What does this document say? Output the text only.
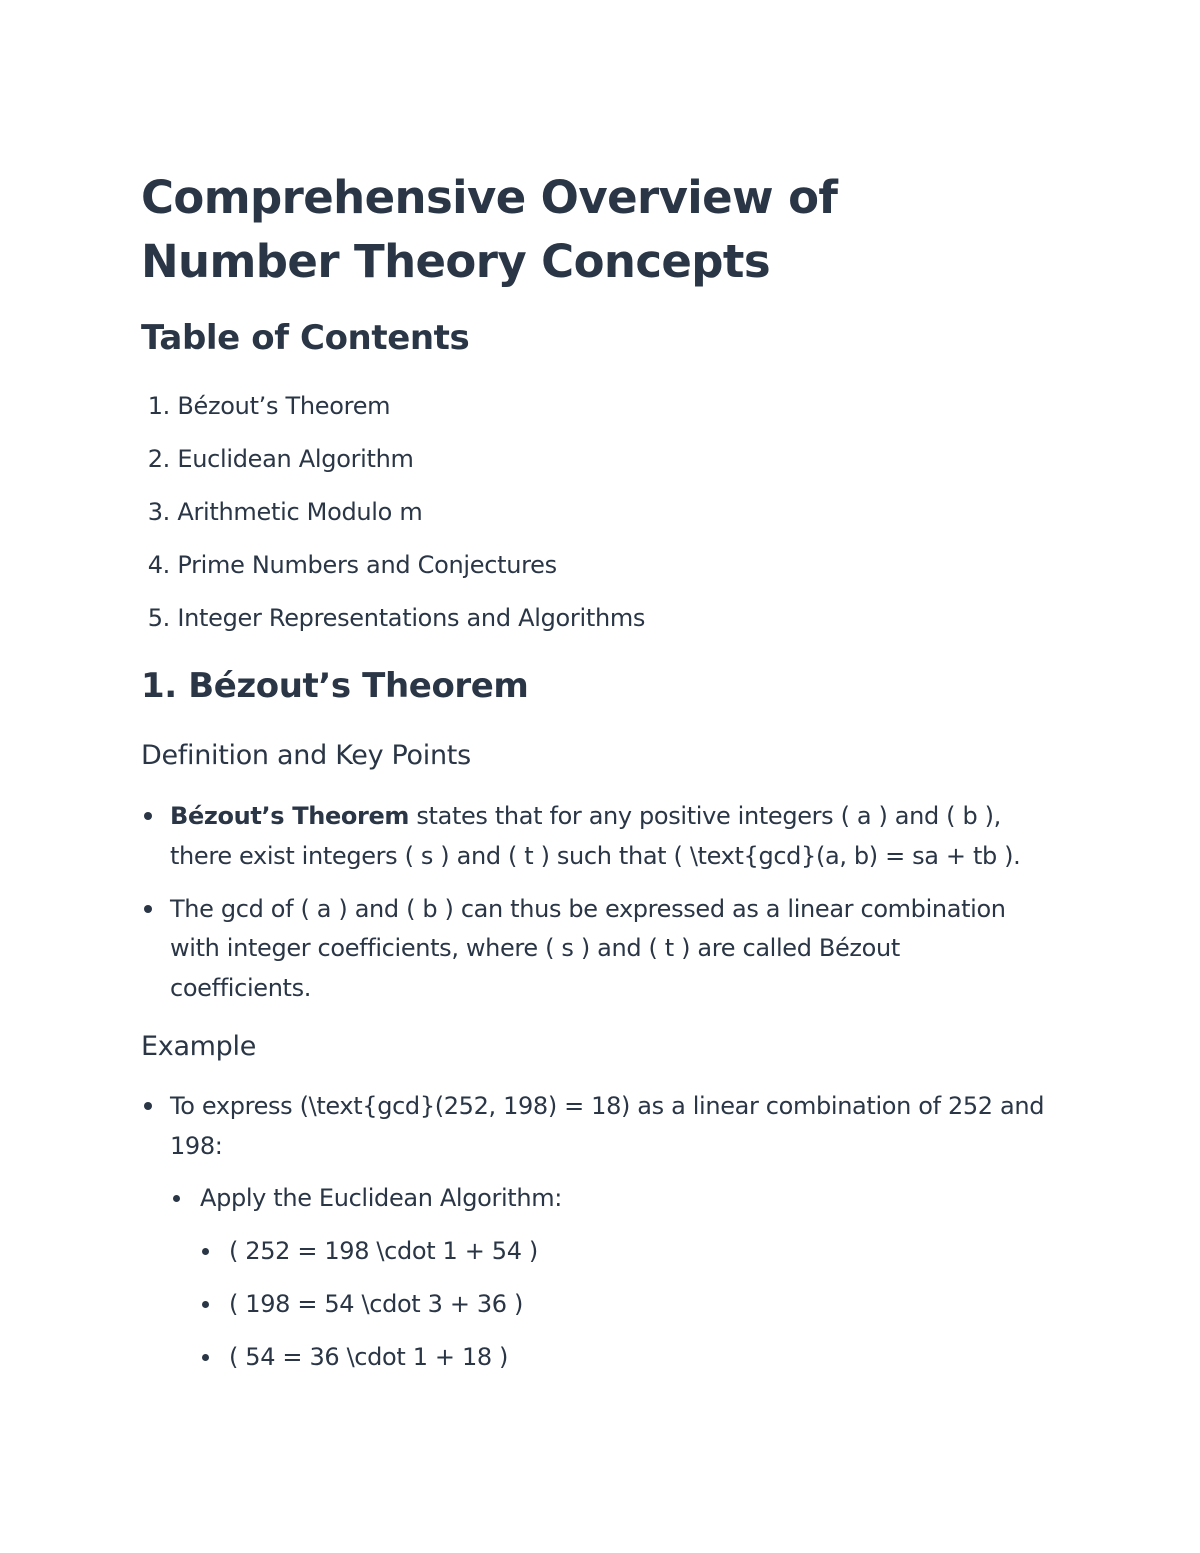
Comprehensive Overview of Number Theory Concepts
Table of Contents
1. Bézout’s Theorem
2. Euclidean Algorithm
3. Arithmetic Modulo m
4. Prime Numbers and Conjectures
5. Integer Representations and Algorithms
1. Bézout’s Theorem
Definition and Key Points
Bézout’s Theorem states that for any positive integers ( a ) and ( b ),
there exist integers ( s ) and ( t ) such that ( \text{gcd}(a, b) = sa + tb ).
The gcd of ( a ) and ( b ) can thus be expressed as a linear combination
with integer coefficients, where ( s ) and ( t ) are called Bézout
coefficients.
Example
To express (\text{gcd}(252, 198) = 18) as a linear combination of 252 and
198:
Apply the Euclidean Algorithm:
( 252 = 198 \cdot 1 + 54 )
( 198 = 54 \cdot 3 + 36 )
( 54 = 36 \cdot 1 + 18 )
